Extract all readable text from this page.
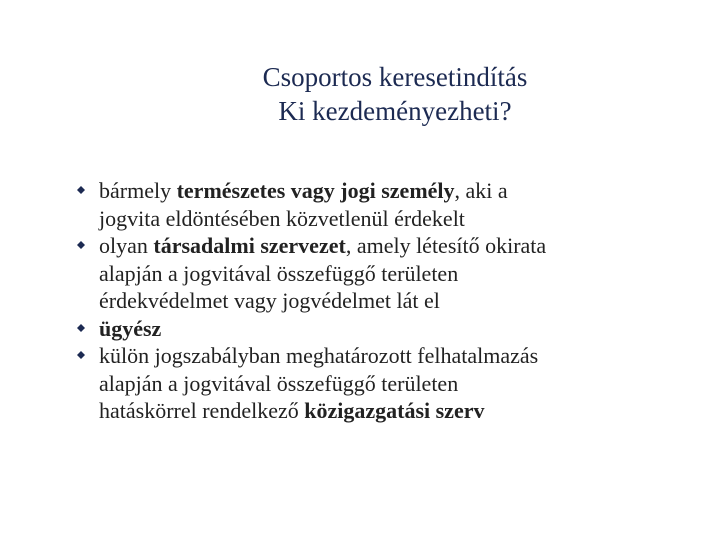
Csoportos keresetindítás
Ki kezdeményezheti?
bármely természetes vagy jogi személy, aki a
jogvita eldöntésében közvetlenül érdekelt
olyan társadalmi szervezet, amely létesítő okirata
alapján a jogvitával összefüggő területen
érdekvédelmet vagy jogvédelmet lát el
ügyész
külön jogszabályban meghatározott felhatalmazás
alapján a jogvitával összefüggő területen
hatáskörrel rendelkező közigazgatási szerv
